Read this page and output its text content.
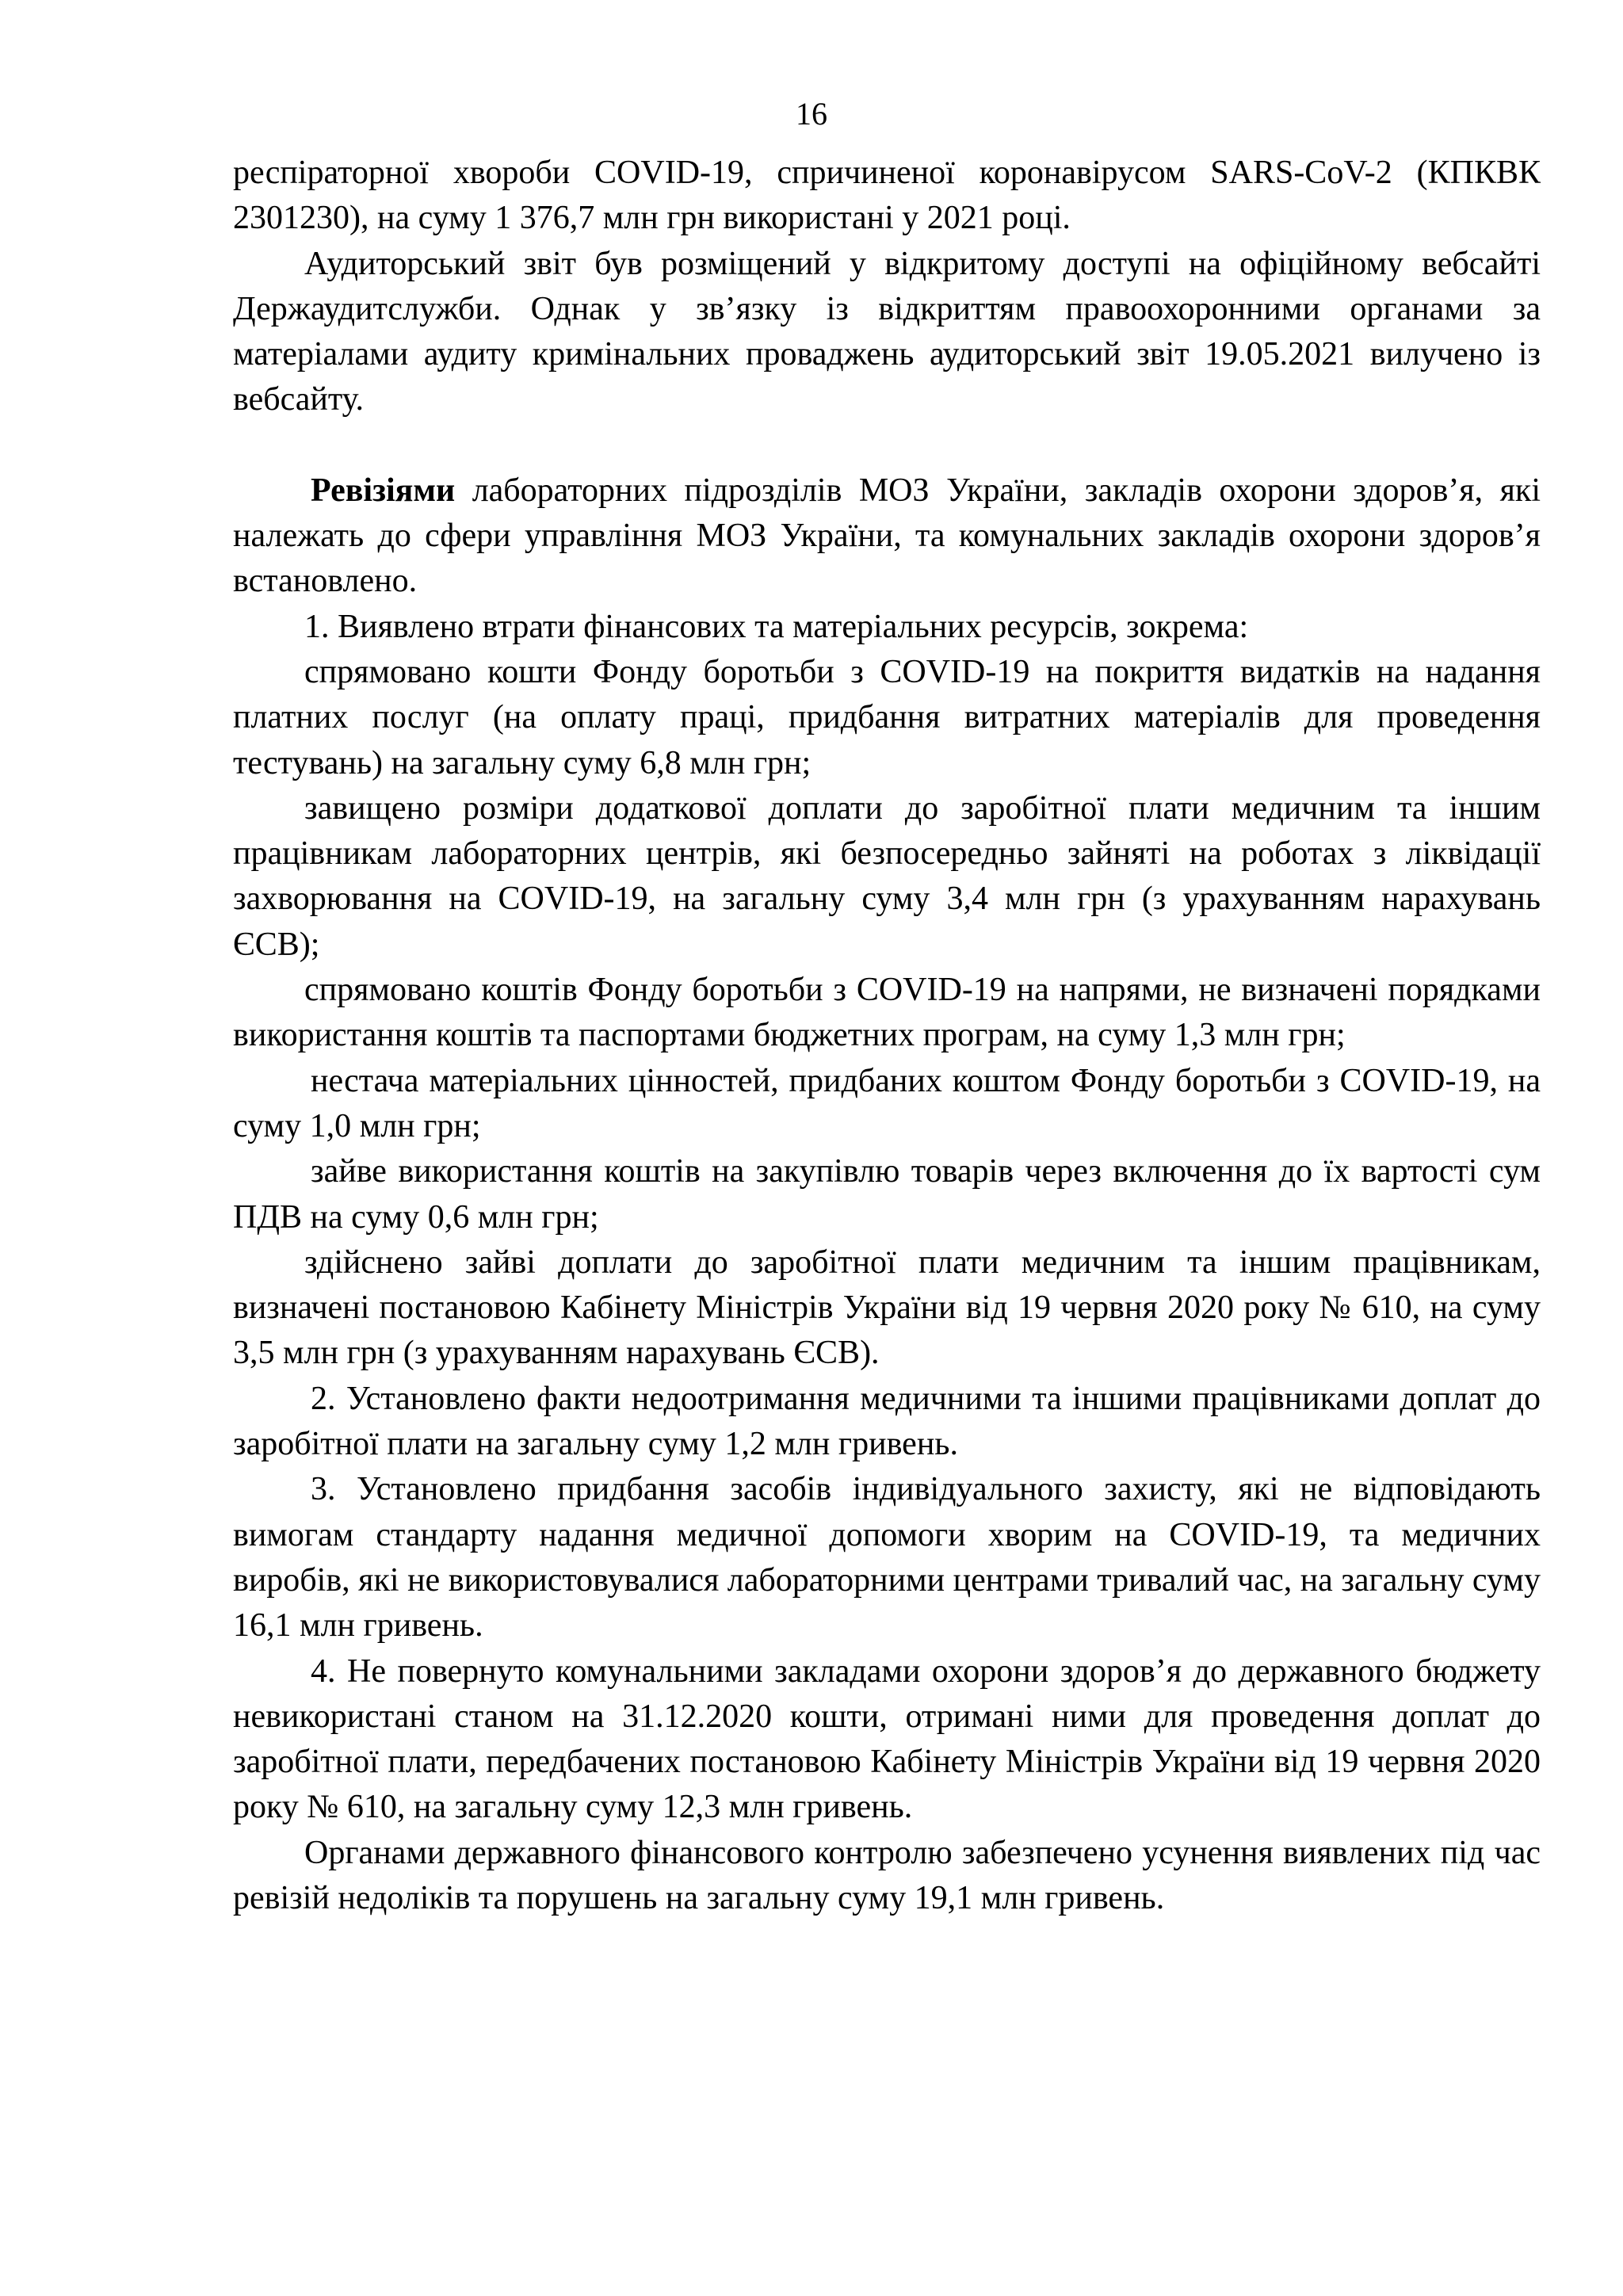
16

респіраторної хвороби COVID-19, спричиненої коронавірусом SARS-CoV-2 (КПКВК 2301230), на суму 1 376,7 млн грн використані у 2021 році.

Аудиторський звіт був розміщений у відкритому доступі на офіційному вебсайті Держаудитслужби. Однак у зв’язку із відкриттям правоохоронними органами за матеріалами аудиту кримінальних проваджень аудиторський звіт 19.05.2021 вилучено із вебсайту.

Ревізіями лабораторних підрозділів МОЗ України, закладів охорони здоров’я, які належать до сфери управління МОЗ України, та комунальних закладів охорони здоров’я встановлено.

1. Виявлено втрати фінансових та матеріальних ресурсів, зокрема:

спрямовано кошти Фонду боротьби з COVID-19 на покриття видатків на надання платних послуг (на оплату праці, придбання витратних матеріалів для проведення тестувань) на загальну суму 6,8 млн грн;

завищено розміри додаткової доплати до заробітної плати медичним та іншим працівникам лабораторних центрів, які безпосередньо зайняті на роботах з ліквідації захворювання на COVID-19, на загальну суму 3,4 млн грн (з урахуванням нарахувань ЄСВ);

спрямовано коштів Фонду боротьби з COVID-19 на напрями, не визначені порядками використання коштів та паспортами бюджетних програм, на суму 1,3 млн грн;

нестача матеріальних цінностей, придбаних коштом Фонду боротьби з COVID-19, на суму 1,0 млн грн;

зайве використання коштів на закупівлю товарів через включення до їх вартості сум ПДВ на суму 0,6 млн грн;

здійснено зайві доплати до заробітної плати медичним та іншим працівникам, визначені постановою Кабінету Міністрів України від 19 червня 2020 року № 610, на суму 3,5 млн грн (з урахуванням нарахувань ЄСВ).

2. Установлено факти недоотримання медичними та іншими працівниками доплат до заробітної плати на загальну суму 1,2 млн гривень.

3. Установлено придбання засобів індивідуального захисту, які не відповідають вимогам стандарту надання медичної допомоги хворим на COVID-19, та медичних виробів, які не використовувалися лабораторними центрами тривалий час, на загальну суму 16,1 млн гривень.

4. Не повернуто комунальними закладами охорони здоров’я до державного бюджету невикористані станом на 31.12.2020 кошти, отримані ними для проведення доплат до заробітної плати, передбачених постановою Кабінету Міністрів України від 19 червня 2020 року № 610, на загальну суму 12,3 млн гривень.

Органами державного фінансового контролю забезпечено усунення виявлених під час ревізій недоліків та порушень на загальну суму 19,1 млн гривень.
